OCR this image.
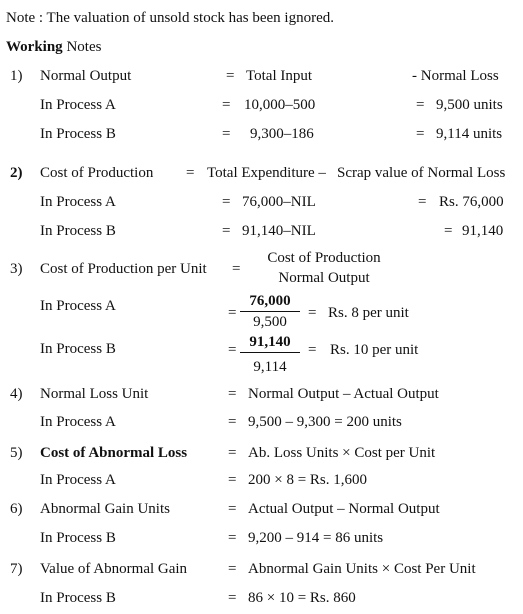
Note : The valuation of unsold stock has been ignored.
Working Notes
1) Normal Output	= Total Input	- Normal Loss
In Process A	= 10,000–500	= 9,500 units
In Process B	= 9,300–186	= 9,114 units
2) Cost of Production = Total Expenditure – Scrap value of Normal Loss
In Process A	= 76,000–NIL	= Rs. 76,000
In Process B	= 91,140–NIL	= 91,140
3) Cost of Production per Unit =
Cost of Production
Normal Output
In Process A	= $\frac{76,000}{9,500} = Rs$. 8 per unit
In Process B	= $\frac{91,140}{9,114} = Rs$. 10 per unit
4) Normal Loss Unit	= Normal Output – Actual Output
In Process A	= 9,500 – 9,300 = 200 units
5) Cost of Abnormal Loss	= Ab. Loss Units × Cost per Unit
In Process A	= 200 × 8 = Rs. 1,600
6) Abnormal Gain Units	= Actual Output – Normal Output
In Process B	= 9,200 – 914 = 86 units
7) Value of Abnormal Gain	= Abnormal Gain Units × Cost Per Unit
In Process B	= 86 × 10 = Rs. 860
